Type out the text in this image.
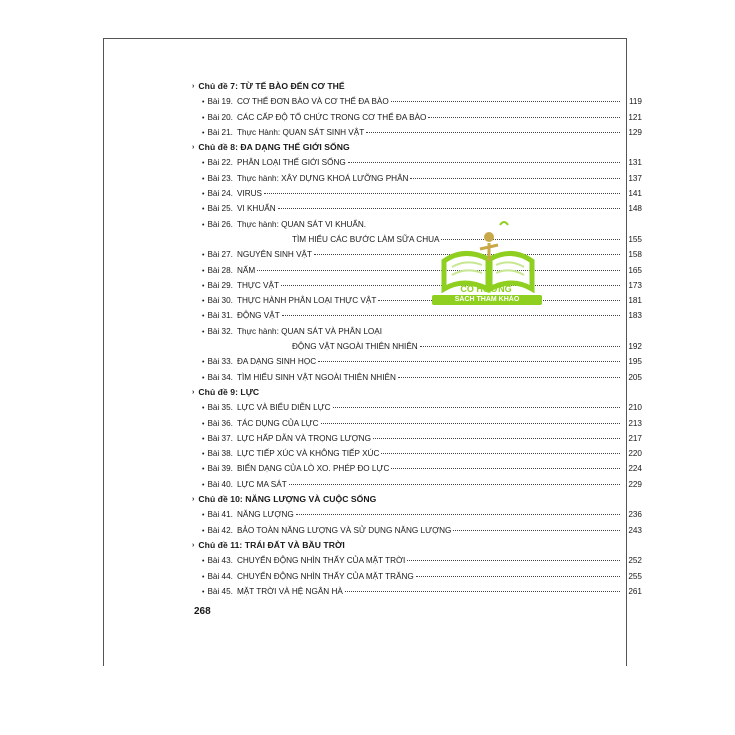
› Chủ đề 7: TỪ TẾ BÀO ĐẾN CƠ THỂ
• Bài 19. CƠ THỂ ĐƠN BÀO VÀ CƠ THỂ ĐA BÀO	119
• Bài 20. CÁC CẤP ĐỘ TỔ CHỨC TRONG CƠ THỂ ĐA BÀO	121
• Bài 21. Thực Hành: QUAN SÁT SINH VẬT	129
› Chủ đề 8: ĐA DẠNG THẾ GIỚI SỐNG
• Bài 22. PHÂN LOẠI THẾ GIỚI SỐNG	131
• Bài 23. Thực hành: XÂY DỰNG KHOÁ LƯỠNG PHÂN	137
• Bài 24. VIRUS	141
• Bài 25. VI KHUẨN	148
• Bài 26. Thực hành: QUAN SÁT VI KHUẨN.
TÌM HIỂU CÁC BƯỚC LÀM SỮA CHUA	155
• Bài 27. NGUYÊN SINH VẬT	158
• Bài 28. NẤM	165
• Bài 29. THỰC VẬT	173
• Bài 30. THỰC HÀNH PHÂN LOẠI THỰC VẬT	181
• Bài 31. ĐỘNG VẬT	183
• Bài 32. Thực hành: QUAN SÁT VÀ PHÂN LOẠI
ĐỘNG VẬT NGOÀI THIÊN NHIÊN	192
• Bài 33. ĐA DẠNG SINH HỌC	195
• Bài 34. TÌM HIỂU SINH VẬT NGOÀI THIÊN NHIÊN	205
› Chủ đề 9: LỰC
• Bài 35. LỰC VÀ BIỂU DIỄN LỰC	210
• Bài 36. TÁC DỤNG CỦA LỰC	213
• Bài 37. LỰC HẤP DẪN VÀ TRỌNG LƯỢNG	217
• Bài 38. LỰC TIẾP XÚC VÀ KHÔNG TIẾP XÚC	220
• Bài 39. BIẾN DẠNG CỦA LÒ XO. PHÉP ĐO LỰC	224
• Bài 40. LỰC MA SÁT	229
› Chủ đề 10: NĂNG LƯỢNG VÀ CUỘC SỐNG
• Bài 41. NĂNG LƯỢNG	236
• Bài 42. BẢO TOÀN NĂNG LƯỢNG VÀ SỬ DỤNG NĂNG LƯỢNG	243
› Chủ đề 11: TRÁI ĐẤT VÀ BẦU TRỜI
• Bài 43. CHUYỂN ĐỘNG NHÌN THẤY CỦA MẶT TRỜI	252
• Bài 44. CHUYỂN ĐỘNG NHÌN THẤY CỦA MẶT TRĂNG	255
• Bài 45. MẶT TRỜI VÀ HỆ NGÂN HÀ	261
CÔ HƯƠNG
SÁCH THAM KHẢO
268
